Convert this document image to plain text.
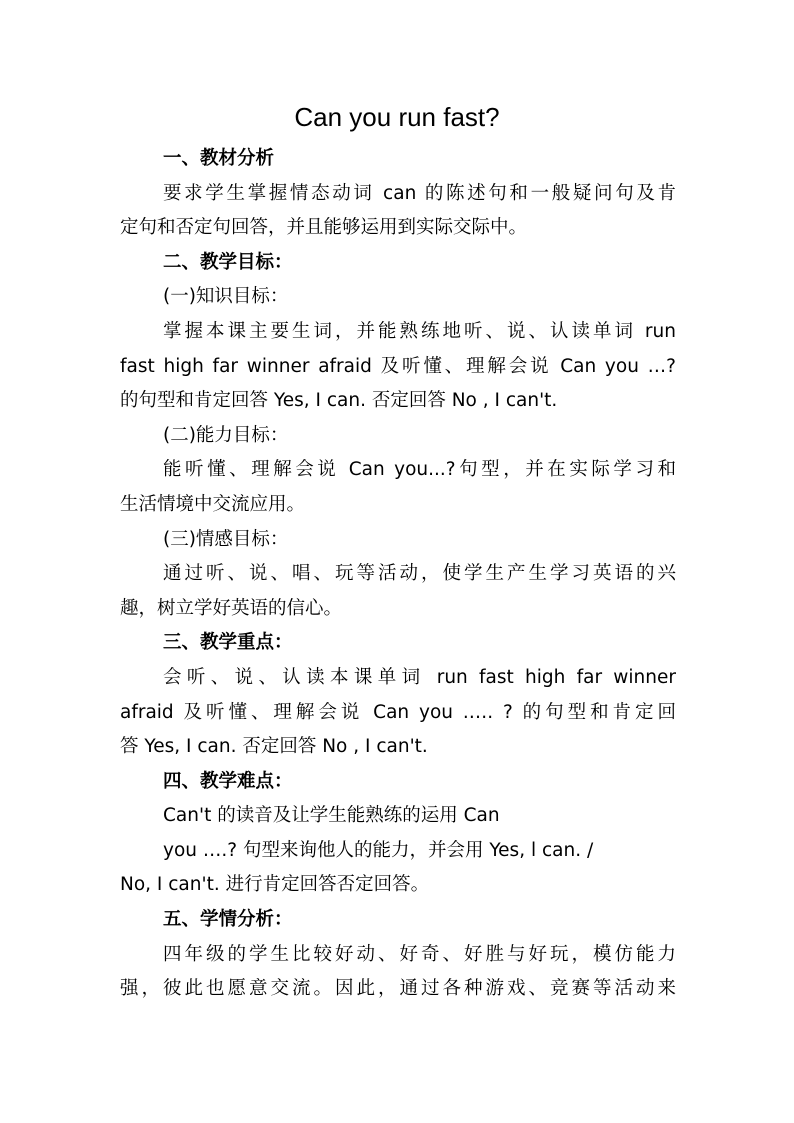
Can you run fast?
一、教材分析
要求学生掌握情态动词 can 的陈述句和一般疑问句及肯
定句和否定句回答，并且能够运用到实际交际中。
二、教学目标：
(一)知识目标：
掌握本课主要生词，并能熟练地听、说、认读单词 run
fast high far winner afraid 及听懂、理解会说 Can you …?
的句型和肯定回答 Yes, I can. 否定回答 No , I can't.
(二)能力目标：
能听懂、理解会说 Can you...?句型，并在实际学习和
生活情境中交流应用。
(三)情感目标：
通过听、说、唱、玩等活动，使学生产生学习英语的兴
趣，树立学好英语的信心。
三、教学重点：
会听、说、认读本课单词 run fast high far winner
afraid 及听懂、理解会说 Can you .…. ? 的句型和肯定回
答 Yes, I can. 否定回答 No , I can't.
四、教学难点：
Can't 的读音及让学生能熟练的运用 Can
you ….? 句型来询他人的能力，并会用 Yes, l can. /
No, I can't. 进行肯定回答否定回答。
五、学情分析：
四年级的学生比较好动、好奇、好胜与好玩，模仿能力
强，彼此也愿意交流。因此，通过各种游戏、竞赛等活动来
